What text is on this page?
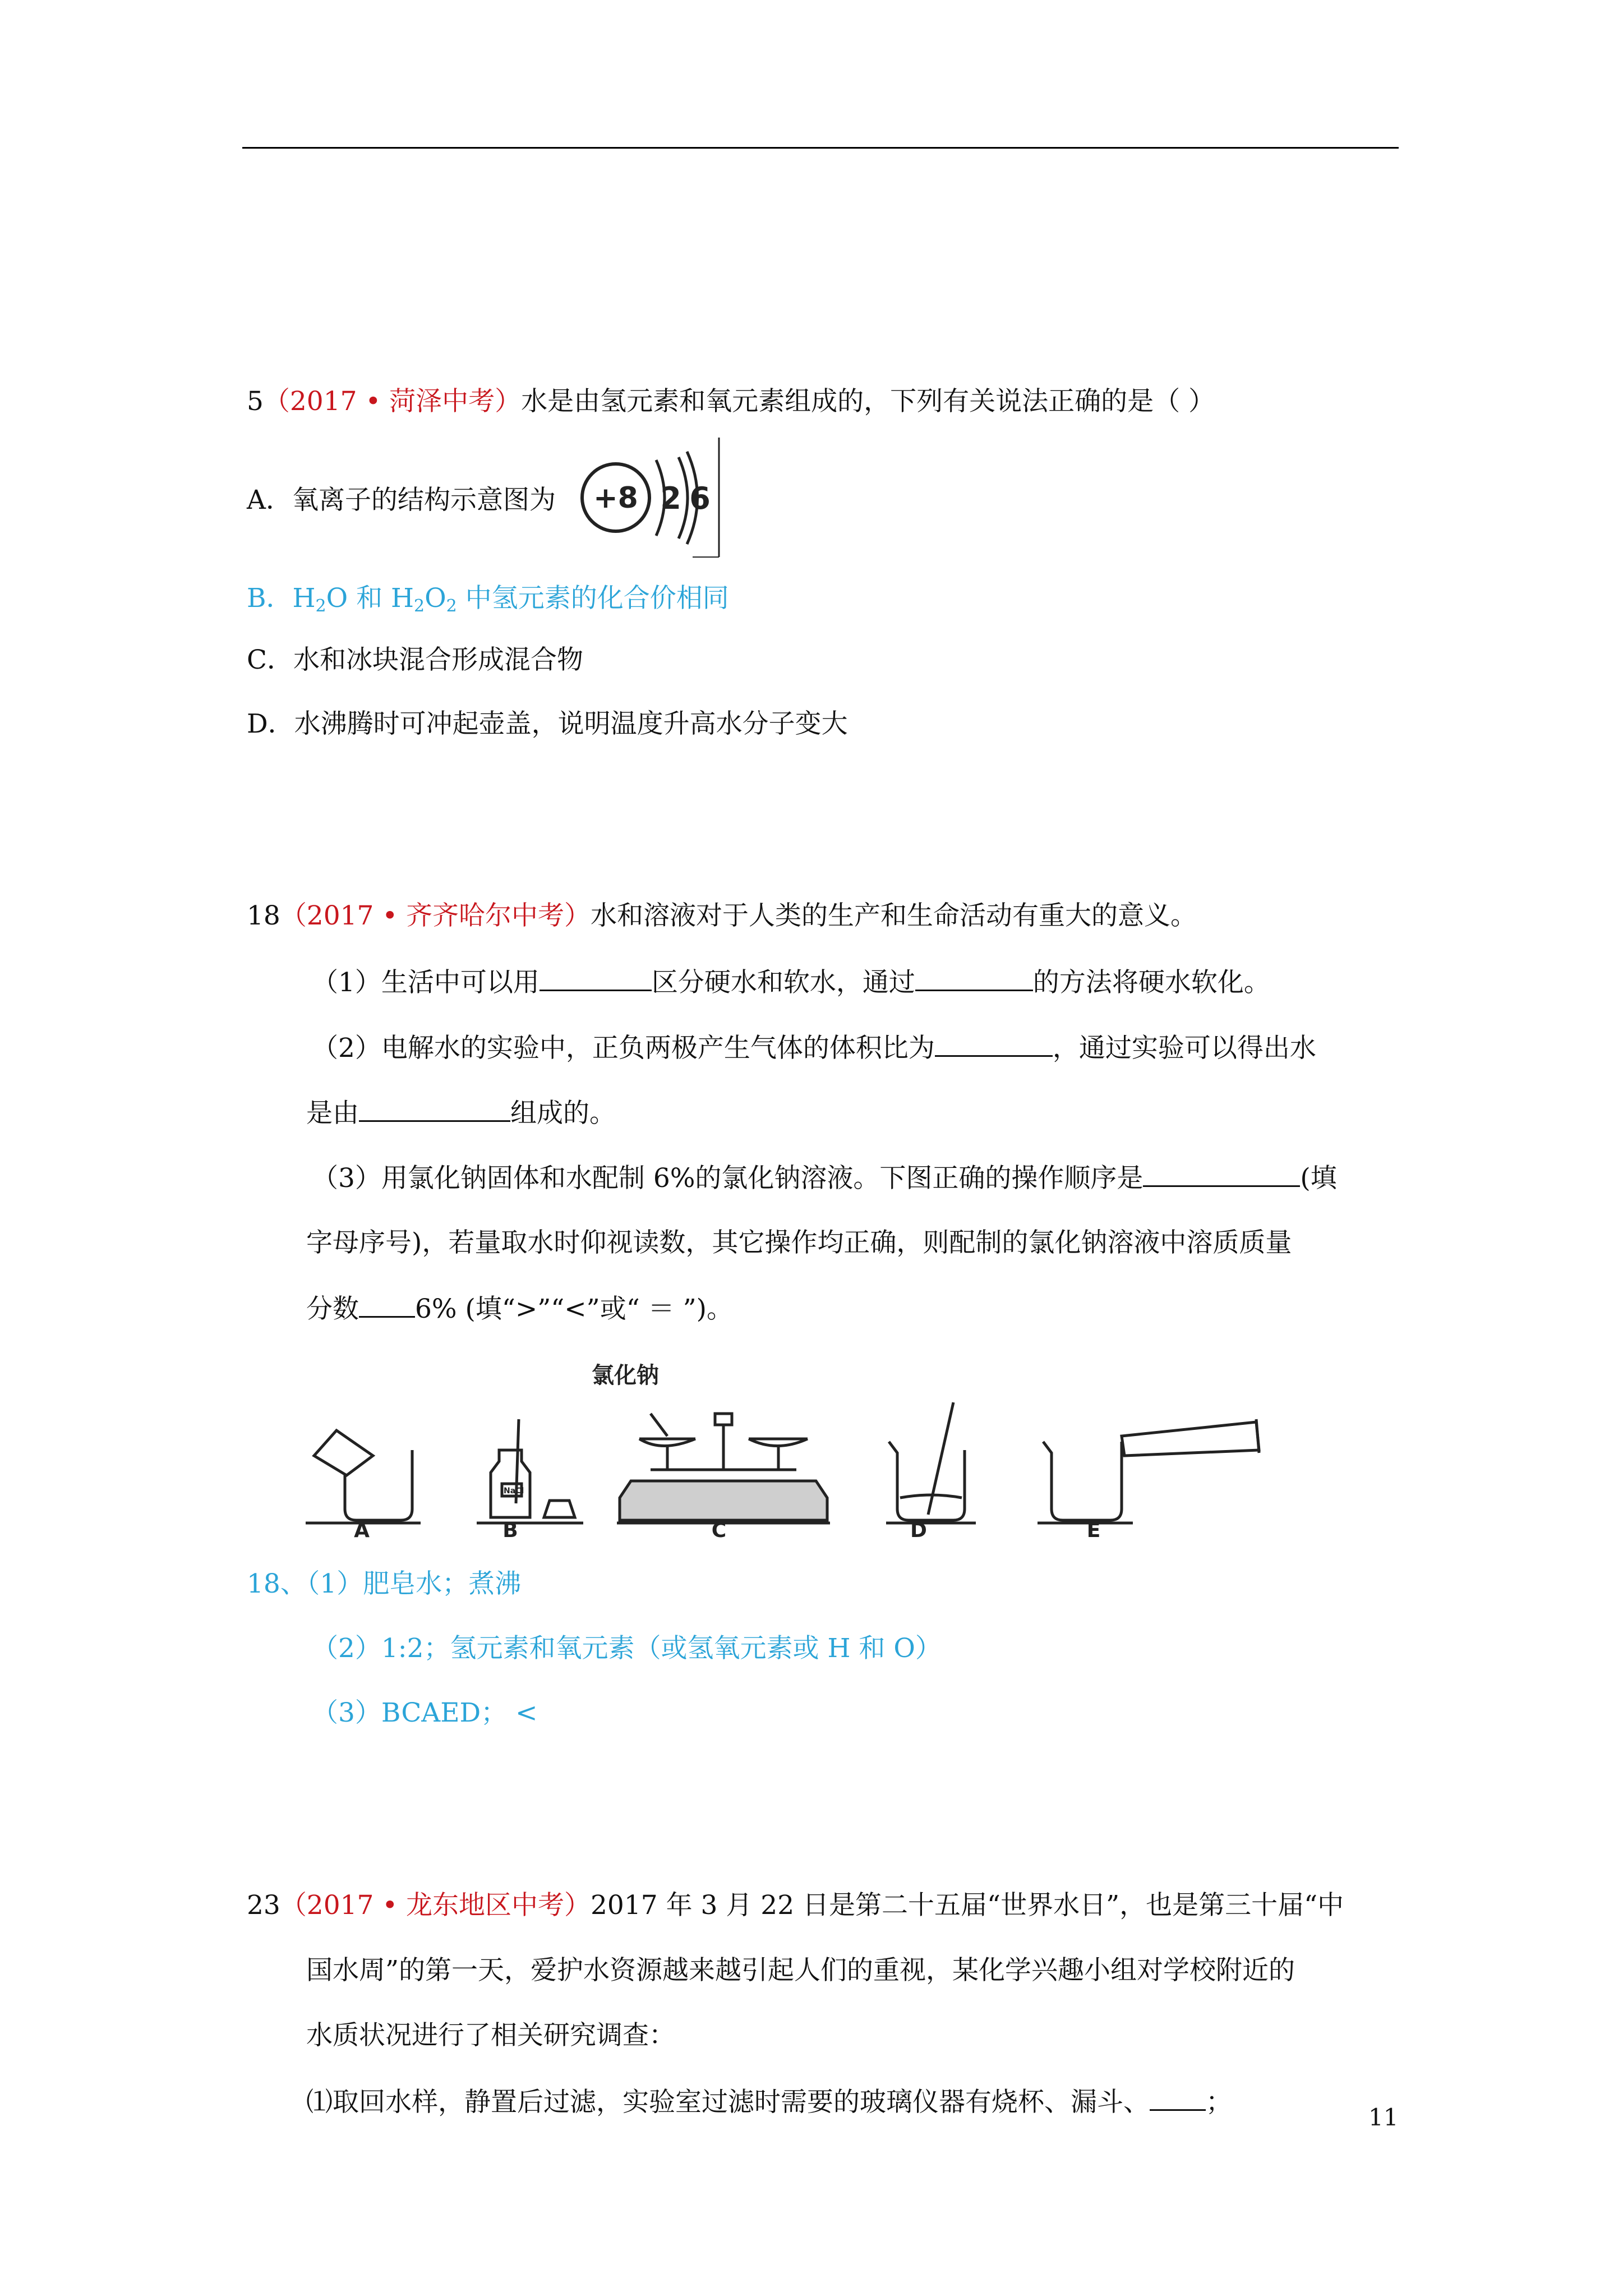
5（2017 • 菏泽中考）水是由氢元素和氧元素组成的，下列有关说法正确的是（ ）
A．氧离子的结构示意图为 +8 2 6
B．$H_2O$ 和 $H_2O_2$ 中氢元素的化合价相同
C．水和冰块混合形成混合物
D．水沸腾时可冲起壶盖，说明温度升高水分子变大
18（2017 • 齐齐哈尔中考）水和溶液对于人类的生产和生命活动有重大的意义。
（1）生活中可以用	区分硬水和软水，通过	的方法将硬水软化。
（2）电解水的实验中，正负两极产生气体的体积比为	，通过实验可以得出水
是由	组成的。
（3）用氯化钠固体和水配制 6%的氯化钠溶液。下图正确的操作顺序是	(填
字母序号)，若量取水时仰视读数，其它操作均正确，则配制的氯化钠溶液中溶质质量
分数 6% (填“>”“<”或“ ＝ ”)。
氯化钠
NaCl
A	B	C	D	E
18、（1）肥皂水；煮沸
（2）1:2；氢元素和氧元素（或氢氧元素或 H 和 O）
（3）BCAED； <
23（2017 • 龙东地区中考）2017 年 3 月 22 日是第二十五届“世界水日”，也是第三十届“中
国水周”的第一天，爱护水资源越来越引起人们的重视，某化学兴趣小组对学校附近的
水质状况进行了相关研究调查：
⑴取回水样，静置后过滤，实验室过滤时需要的玻璃仪器有烧杯、漏斗、 ；	11
